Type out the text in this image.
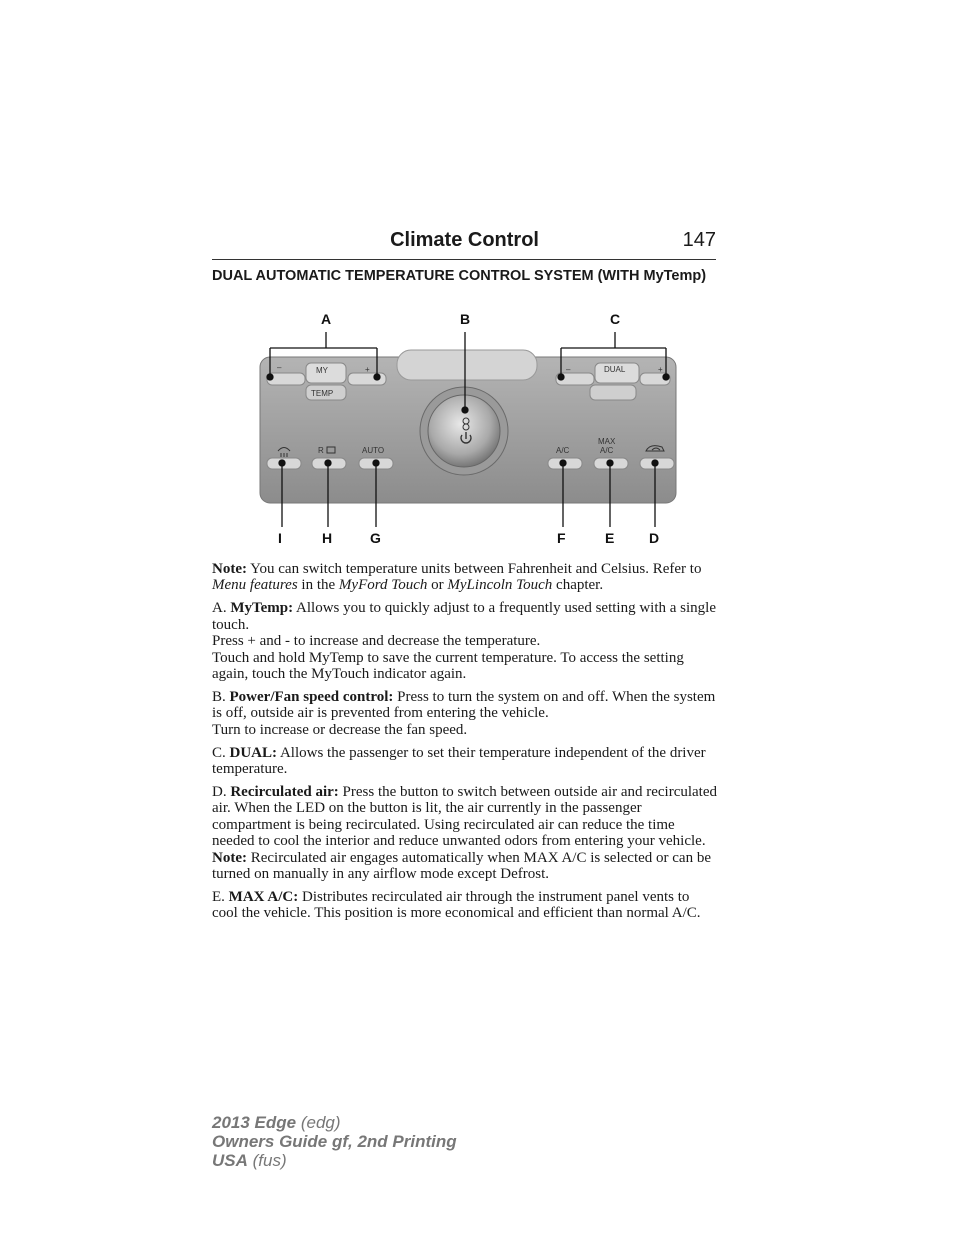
Climate Control	147
DUAL AUTOMATIC TEMPERATURE CONTROL SYSTEM (WITH MyTemp)
–	MY
TEMP
+	–	DUAL	+
R	AUTO	A/C
MAX
A/C
A	B	C
I	H	G	F	E D

Note: You can switch temperature units between Fahrenheit and Celsius. Refer to Menu features in the MyFord Touch or MyLincoln Touch chapter.

A. MyTemp: Allows you to quickly adjust to a frequently used setting with a single touch.
Press + and - to increase and decrease the temperature.
Touch and hold MyTemp to save the current temperature. To access the setting again, touch the MyTouch indicator again.

B. Power/Fan speed control: Press to turn the system on and off. When the system is off, outside air is prevented from entering the vehicle.
Turn to increase or decrease the fan speed.

C. DUAL: Allows the passenger to set their temperature independent of the driver temperature.

D. Recirculated air: Press the button to switch between outside air and recirculated air. When the LED on the button is lit, the air currently in the passenger compartment is being recirculated. Using recirculated air can reduce the time needed to cool the interior and reduce unwanted odors from entering your vehicle.
Note: Recirculated air engages automatically when MAX A/C is selected or can be turned on manually in any airflow mode except Defrost.

E. MAX A/C: Distributes recirculated air through the instrument panel vents to cool the vehicle. This position is more economical and efficient than normal A/C.

2013 Edge (edg)
Owners Guide gf, 2nd Printing
USA (fus)
